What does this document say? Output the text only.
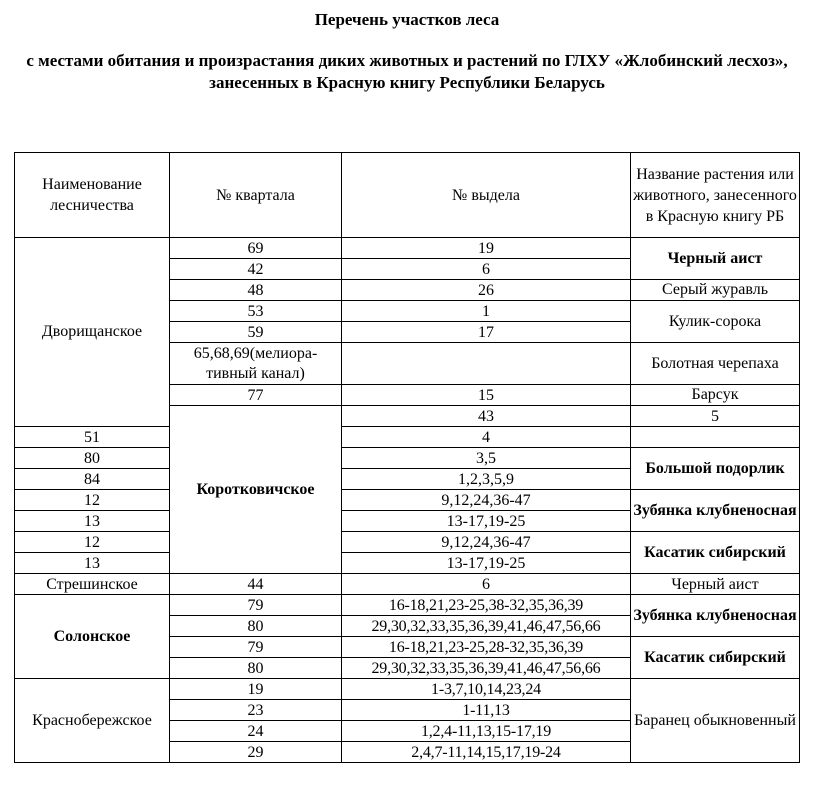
Перечень участков леса
с местами обитания и произрастания диких животных и растений по ГЛХУ «Жлобинский лесхоз», занесенных в Красную книгу Республики Беларусь
Наименование лесничества	№ квартала	№ выдела	Название растения или животного, занесенного в Красную книгу РБ	
Дворищанское	69	19	Черный аист	
	42	6		
	48	26	Серый журавль	
	53	1	Кулик-сорока	
	59	17		
	65,68,69(мелиора-тивный канал)		Болотная черепаха	
	77	15	Барсук	
	Коротковичское	43	5	
51		4		
80		3,5	Большой подорлик	
84		1,2,3,5,9		
12		9,12,24,36-47	Зубянка клубненосная	
13		13-17,19-25		
12		9,12,24,36-47	Касатик сибирский	
13		13-17,19-25		
Стрешинское	44	6	Черный аист	
Солонское	79	16-18,21,23-25,38-32,35,36,39	Зубянка клубненосная	
	80	29,30,32,33,35,36,39,41,46,47,56,66		
	79	16-18,21,23-25,28-32,35,36,39	Касатик сибирский	
	80	29,30,32,33,35,36,39,41,46,47,56,66		
Краснобережское	19	1-3,7,10,14,23,24	Баранец обыкновенный	
	23	1-11,13		
	24	1,2,4-11,13,15-17,19		
	29	2,4,7-11,14,15,17,19-24		
